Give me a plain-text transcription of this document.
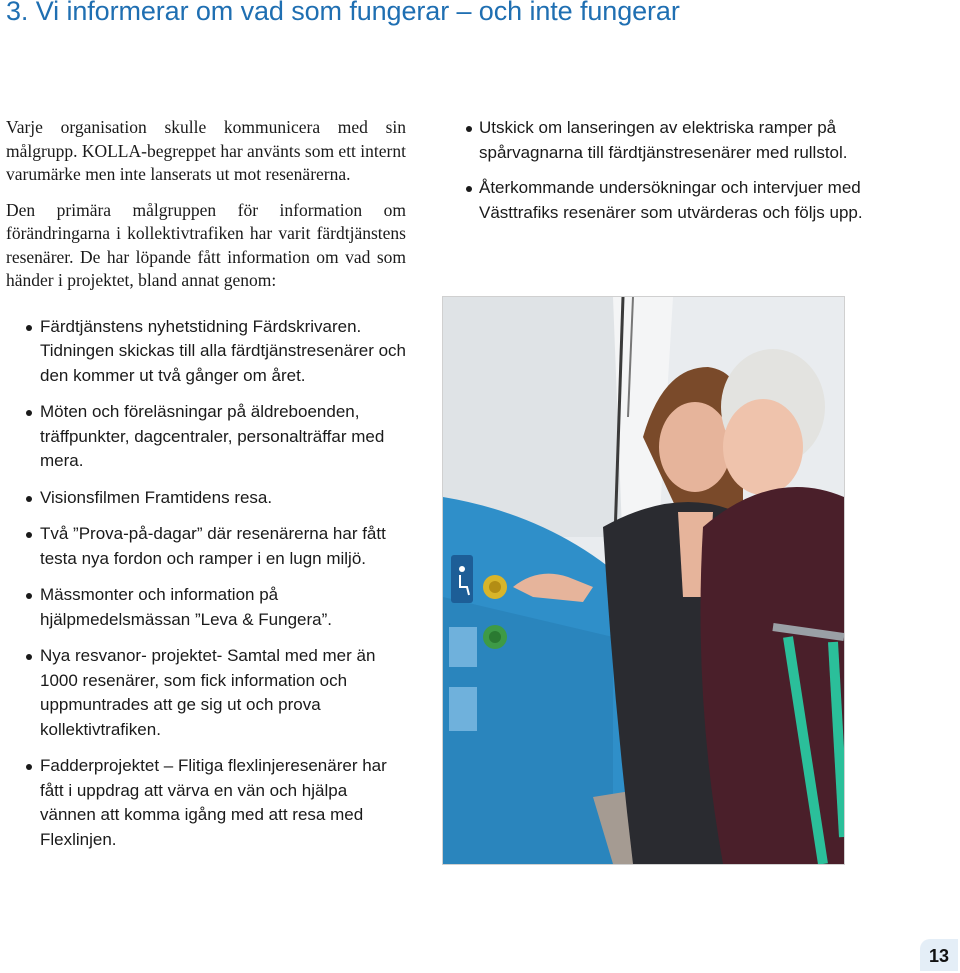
3. Vi informerar om vad som fungerar – och inte fungerar

Varje organisation skulle kommunicera med sin målgrupp. KOLLA-begreppet har använts som ett internt varumärke men inte lanserats ut mot resenärerna.

Den primära målgruppen för information om förändringarna i kollektivtrafiken har varit färdtjänstens resenärer. De har löpande fått information om vad som händer i projektet, bland annat genom:

Färdtjänstens nyhetstidning Färdskrivaren. Tidningen skickas till alla färdtjänstresenärer och den kommer ut två gånger om året.
Möten och föreläsningar på äldreboenden, träffpunkter, dagcentraler, personalträffar med mera.
Visionsfilmen Framtidens resa.
Två ”Prova-på-dagar” där resenärerna har fått testa nya fordon och ramper i en lugn miljö.
Mässmonter och information på hjälpmedelsmässan ”Leva & Fungera”.
Nya resvanor- projektet- Samtal med mer än 1000 resenärer, som fick information och uppmuntrades att ge sig ut och prova kollektivtrafiken.
Fadderprojektet – Flitiga flexlinjeresenärer har fått i uppdrag att värva en vän och hjälpa vännen att komma igång med att resa med Flexlinjen.
Utskick om lanseringen av elektriska ramper på spårvagnarna till färdtjänstresenärer med rullstol.
Återkommande undersökningar och intervjuer med Västtrafiks resenärer som utvärderas och följs upp.
13
